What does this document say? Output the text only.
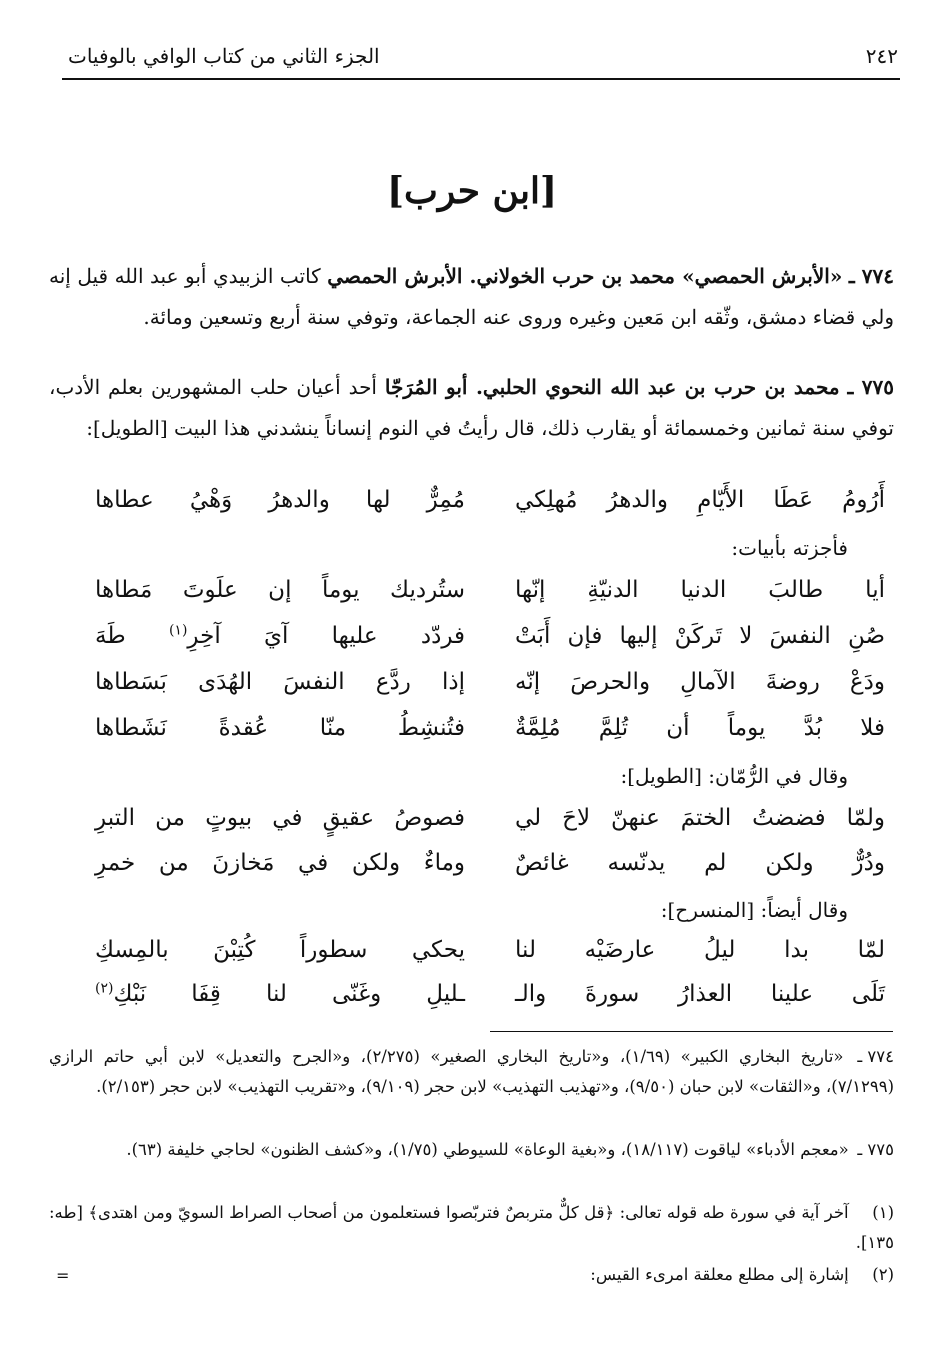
٢٤٢
الجزء الثاني من كتاب الوافي بالوفيات
[ابن حرب]
٧٧٤ ـ «الأبرش الحمصي» محمد بن حرب الخولاني. الأبرش الحمصي كاتب الزبيدي أبو عبد الله قيل إنه ولي قضاء دمشق، وثّقه ابن مَعين وغيره وروى عنه الجماعة، وتوفي سنة أربع وتسعين ومائة.
٧٧٥ ـ محمد بن حرب بن عبد الله النحوي الحلبي. أبو المُرَجّا أحد أعيان حلب المشهورين بعلم الأدب، توفي سنة ثمانين وخمسمائة أو يقارب ذلك، قال رأيتُ في النوم إنساناً ينشدني هذا البيت [الطويل]:
أَرُومُ عَطَا الأَيّامِ والدهرُ مُهلِكي
مُمِرٌّ لها والدهرُ وَهْيُ عطاها
فأجزته بأبيات:
أيا طالبَ الدنيا الدنيّةِ إنّها
ستُرديك يوماً إن علَوتَ مَطاها
صُنِ النفسَ لا تَركَنْ إليها فإن أَبَتْ
فردّد عليها آيَ آخِرِ$^{(١)}$ طَهَ
ودَعْ روضةَ الآمالِ والحرصَ إنّه
إذا ردَّع النفسَ الهُدَى بَسَطاها
فلا بُدَّ يوماً أن تُلِمَّ مُلِمَّةٌ
فتُنشِطُ منّا عُقدةً نَشَطاها
وقال في الرُّمّان: [الطويل]:
ولمّا فضضتُ الختمَ عنهنّ لاحَ لي
فصوصُ عقيقٍ في بيوتٍ من التبرِ
ودُرٌّ ولكن لم يدنّسه غائصٌ
وماءٌ ولكن في مَخازنَ من خمرِ
وقال أيضاً: [المنسرح]:
لمّا بدا ليلُ عارضَيْه لنا
يحكي سطوراً كُتِبْنَ بالمِسكِ
تَلَى علينا العذارُ سورةَ والـ
ـليلِ وغَنّى لنا قِفَا نَبْكِ$^{(٢)}$
٧٧٤ ـ «تاريخ البخاري الكبير» (١/٦٩)، و«تاريخ البخاري الصغير» (٢/٢٧٥)، و«الجرح والتعديل» لابن أبي حاتم الرازي (٧/١٢٩٩)، و«الثقات» لابن حبان (٩/٥٠)، و«تهذيب التهذيب» لابن حجر (٩/١٠٩)، و«تقريب التهذيب» لابن حجر (٢/١٥٣).
٧٧٥ ـ «معجم الأدباء» لياقوت (١٨/١١٧)، و«بغية الوعاة» للسيوطي (١/٧٥)، و«كشف الظنون» لحاجي خليفة (٦٣).
(١) آخر آية في سورة طه قوله تعالى: ﴿قل كلٌّ متربصٌ فتربّصوا فستعلمون من أصحاب الصراط السويّ ومن اهتدى﴾ [طه: ١٣٥].
(٢) إشارة إلى مطلع معلقة امرىء القيس:
=
